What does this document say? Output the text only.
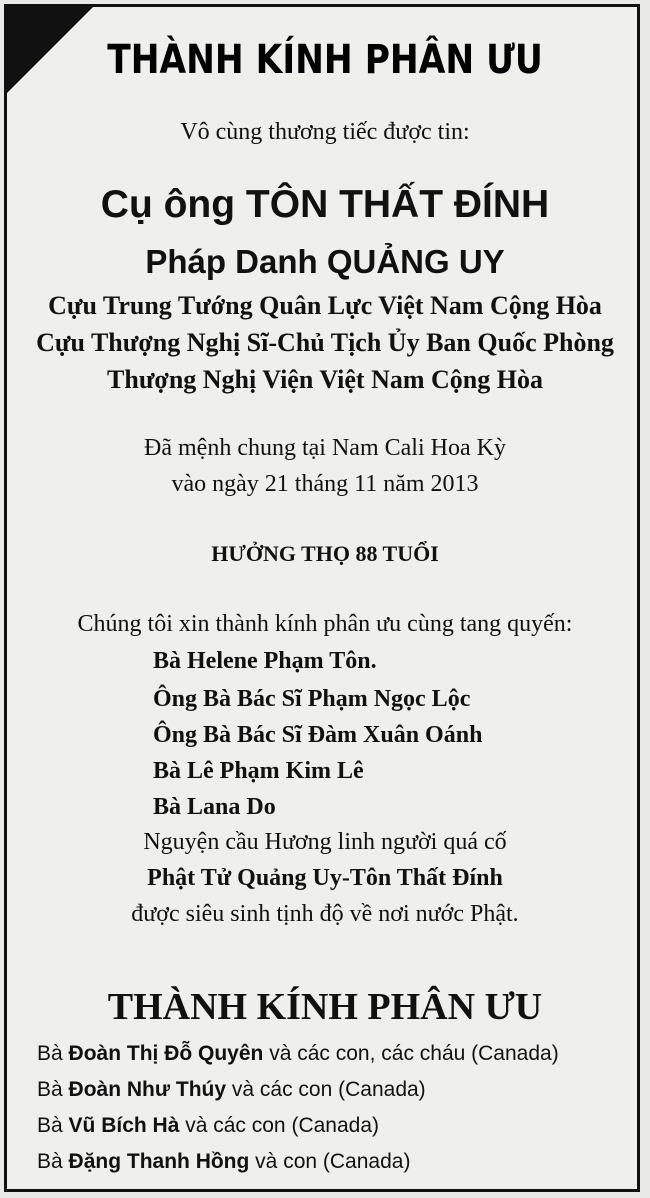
THÀNH KÍNH PHÂN ƯU

Vô cùng thương tiếc được tin:

Cụ ông TÔN THẤT ĐÍNH

Pháp Danh QUẢNG UY

Cựu Trung Tướng Quân Lực Việt Nam Cộng Hòa

Cựu Thượng Nghị Sĩ-Chủ Tịch Ủy Ban Quốc Phòng

Thượng Nghị Viện Việt Nam Cộng Hòa

Đã mệnh chung tại Nam Cali Hoa Kỳ

vào ngày 21 tháng 11 năm 2013

HƯỞNG THỌ 88 TUỔI

Chúng tôi xin thành kính phân ưu cùng tang quyến:

Bà Helene Phạm Tôn.

Ông Bà Bác Sĩ Phạm Ngọc Lộc

Ông Bà Bác Sĩ Đàm Xuân Oánh

Bà Lê Phạm Kim Lê

Bà Lana Do

Nguyện cầu Hương linh người quá cố

Phật Tử Quảng Uy-Tôn Thất Đính

được siêu sinh tịnh độ về nơi nước Phật.

THÀNH KÍNH PHÂN ƯU

Bà Đoàn Thị Đỗ Quyên và các con, các cháu (Canada)

Bà Đoàn Như Thúy và các con (Canada)

Bà Vũ Bích Hà và các con (Canada)

Bà Đặng Thanh Hồng và con (Canada)
